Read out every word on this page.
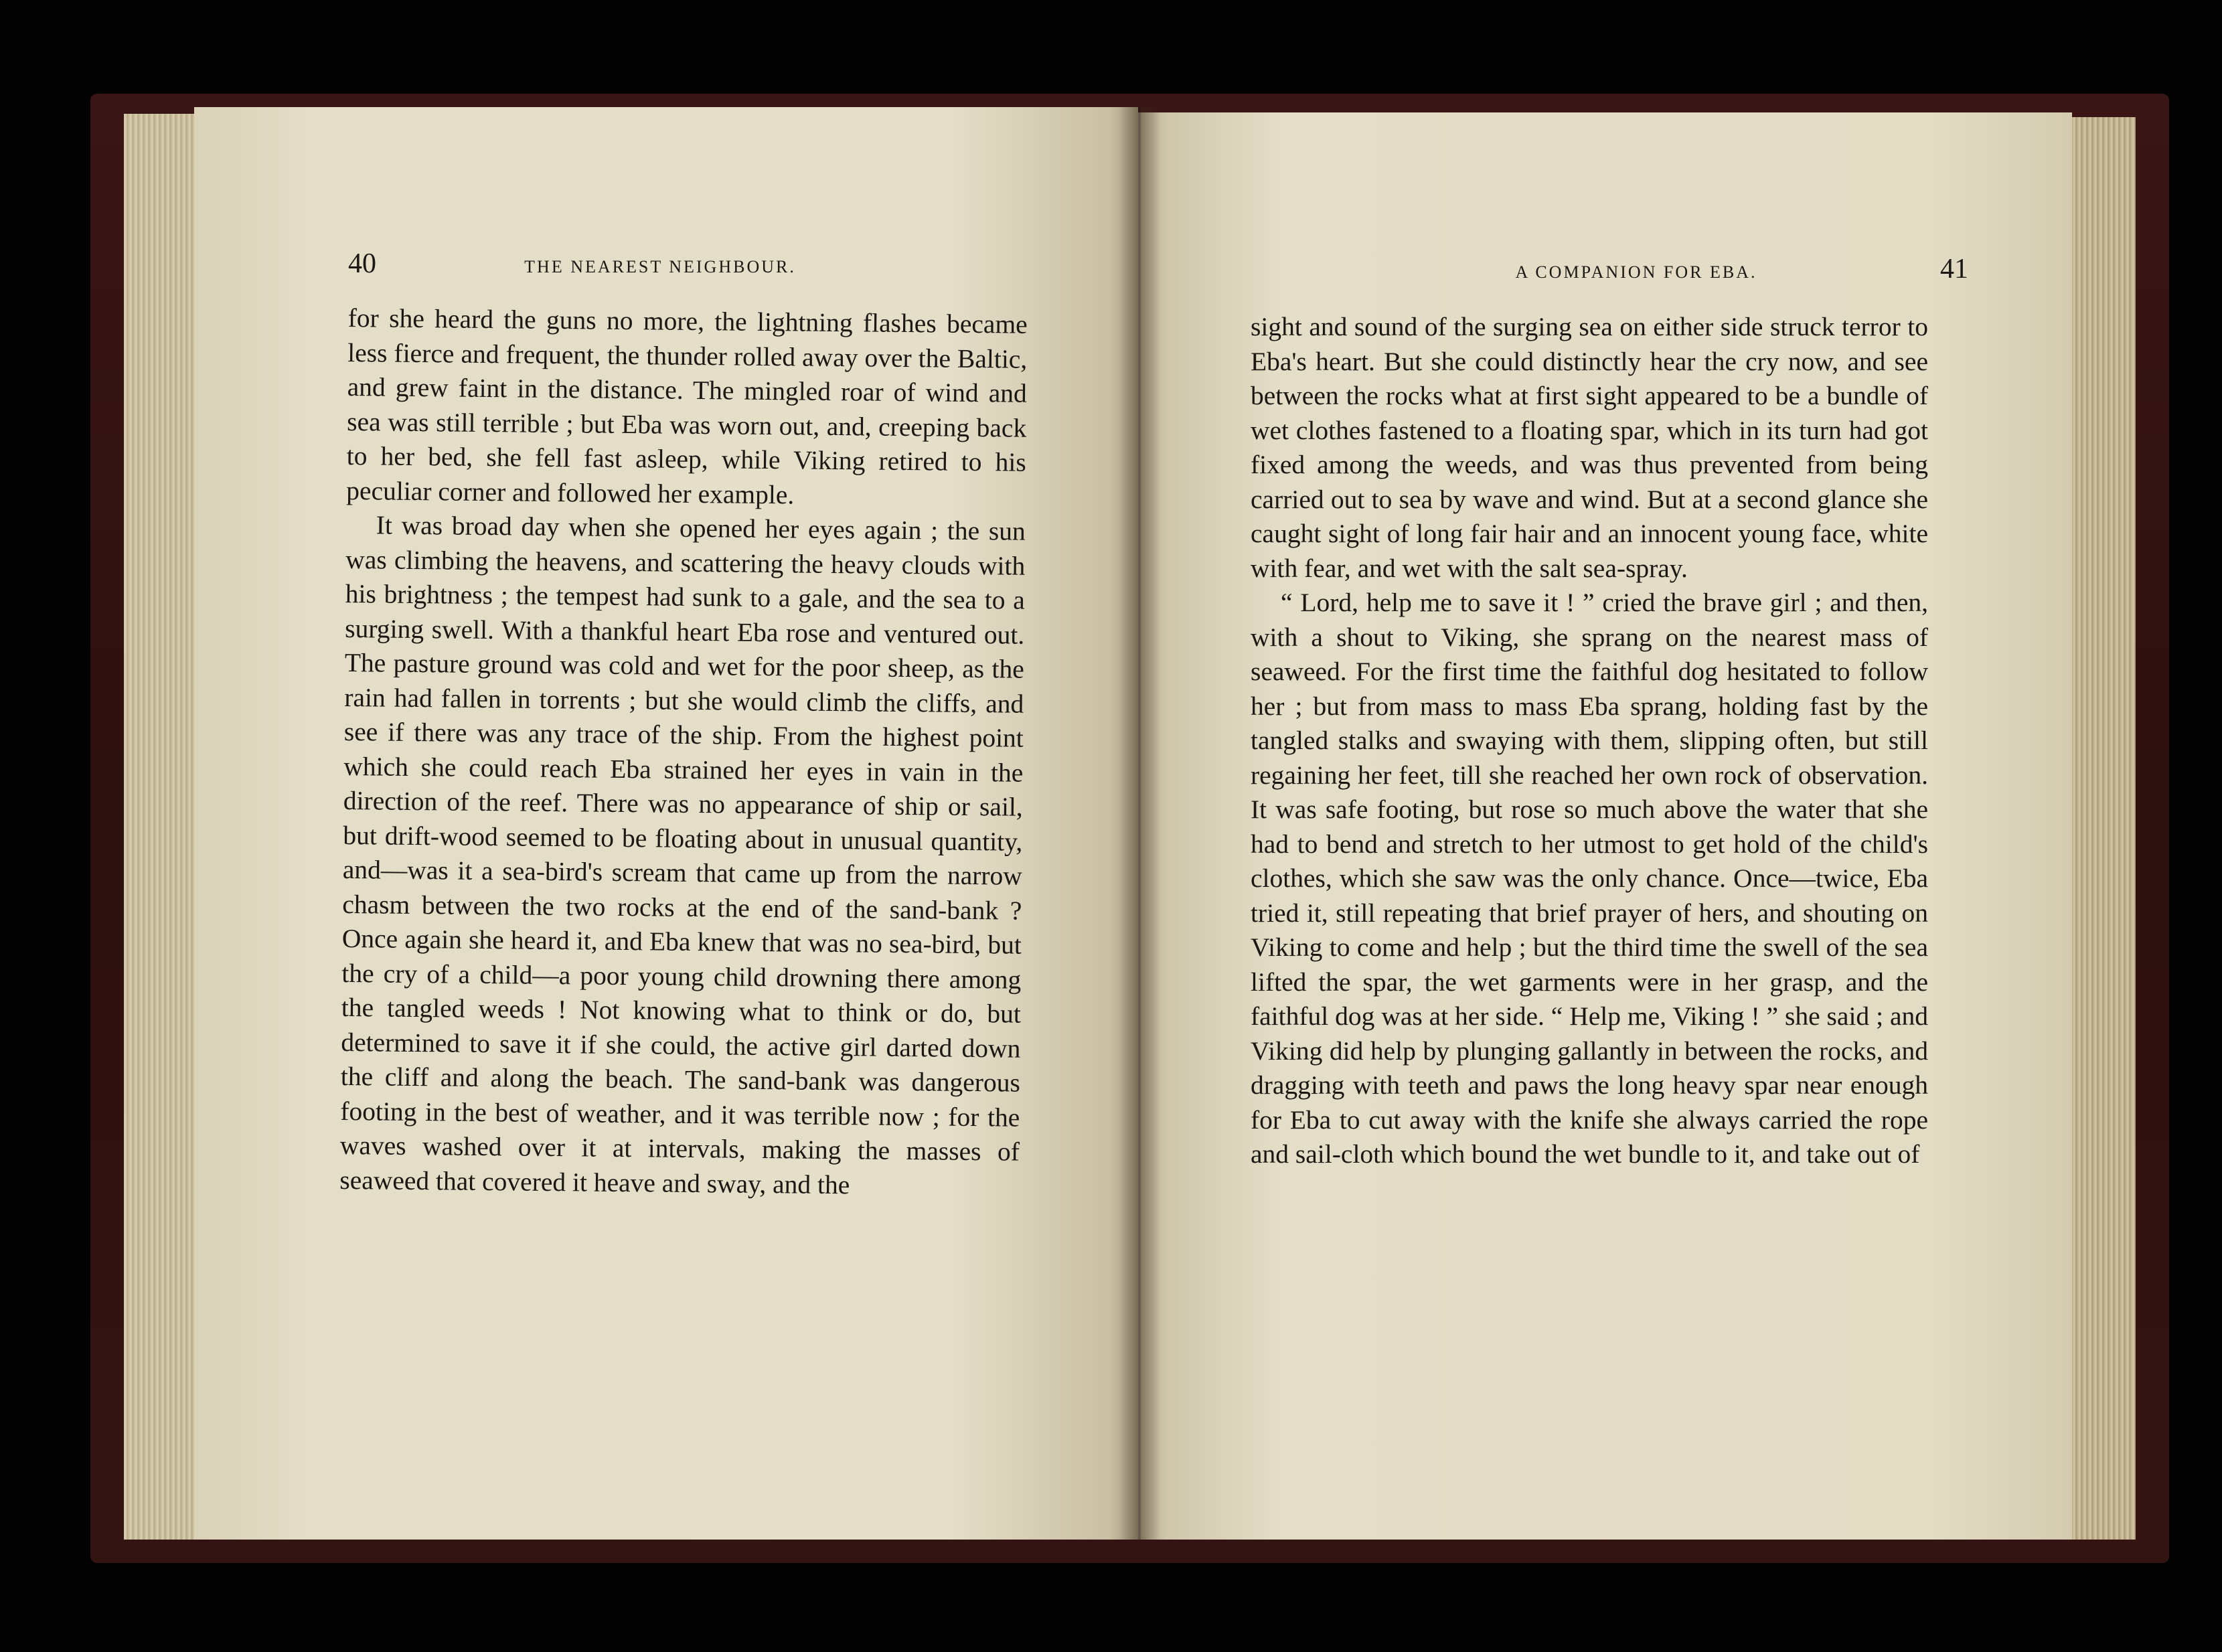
40	THE NEAREST NEIGHBOUR.

for she heard the guns no more, the lightning flashes became less fierce and frequent, the thunder rolled away over the Baltic, and grew faint in the distance. The mingled roar of wind and sea was still terrible ; but Eba was worn out, and, creeping back to her bed, she fell fast asleep, while Viking retired to his peculiar corner and followed her example.

It was broad day when she opened her eyes again ; the sun was climbing the heavens, and scattering the heavy clouds with his brightness ; the tempest had sunk to a gale, and the sea to a surging swell. With a thankful heart Eba rose and ventured out. The pasture ground was cold and wet for the poor sheep, as the rain had fallen in torrents ; but she would climb the cliffs, and see if there was any trace of the ship. From the highest point which she could reach Eba strained her eyes in vain in the direction of the reef. There was no appearance of ship or sail, but drift-wood seemed to be floating about in unusual quantity, and—was it a sea-bird's scream that came up from the narrow chasm between the two rocks at the end of the sand-bank ? Once again she heard it, and Eba knew that was no sea-bird, but the cry of a child—a poor young child drowning there among the tangled weeds ! Not knowing what to think or do, but determined to save it if she could, the active girl darted down the cliff and along the beach. The sand-bank was dangerous footing in the best of weather, and it was terrible now ; for the waves washed over it at intervals, making the masses of seaweed that covered it heave and sway, and the

A COMPANION FOR EBA.	41

sight and sound of the surging sea on either side struck terror to Eba's heart. But she could distinctly hear the cry now, and see between the rocks what at first sight appeared to be a bundle of wet clothes fastened to a floating spar, which in its turn had got fixed among the weeds, and was thus prevented from being carried out to sea by wave and wind. But at a second glance she caught sight of long fair hair and an innocent young face, white with fear, and wet with the salt sea-spray.

“ Lord, help me to save it ! ” cried the brave girl ; and then, with a shout to Viking, she sprang on the nearest mass of seaweed. For the first time the faithful dog hesitated to follow her ; but from mass to mass Eba sprang, holding fast by the tangled stalks and swaying with them, slipping often, but still regaining her feet, till she reached her own rock of observation. It was safe footing, but rose so much above the water that she had to bend and stretch to her utmost to get hold of the child's clothes, which she saw was the only chance. Once—twice, Eba tried it, still repeating that brief prayer of hers, and shouting on Viking to come and help ; but the third time the swell of the sea lifted the spar, the wet garments were in her grasp, and the faithful dog was at her side. “ Help me, Viking ! ” she said ; and Viking did help by plunging gallantly in between the rocks, and dragging with teeth and paws the long heavy spar near enough for Eba to cut away with the knife she always carried the rope and sail-cloth which bound the wet bundle to it, and take out of
